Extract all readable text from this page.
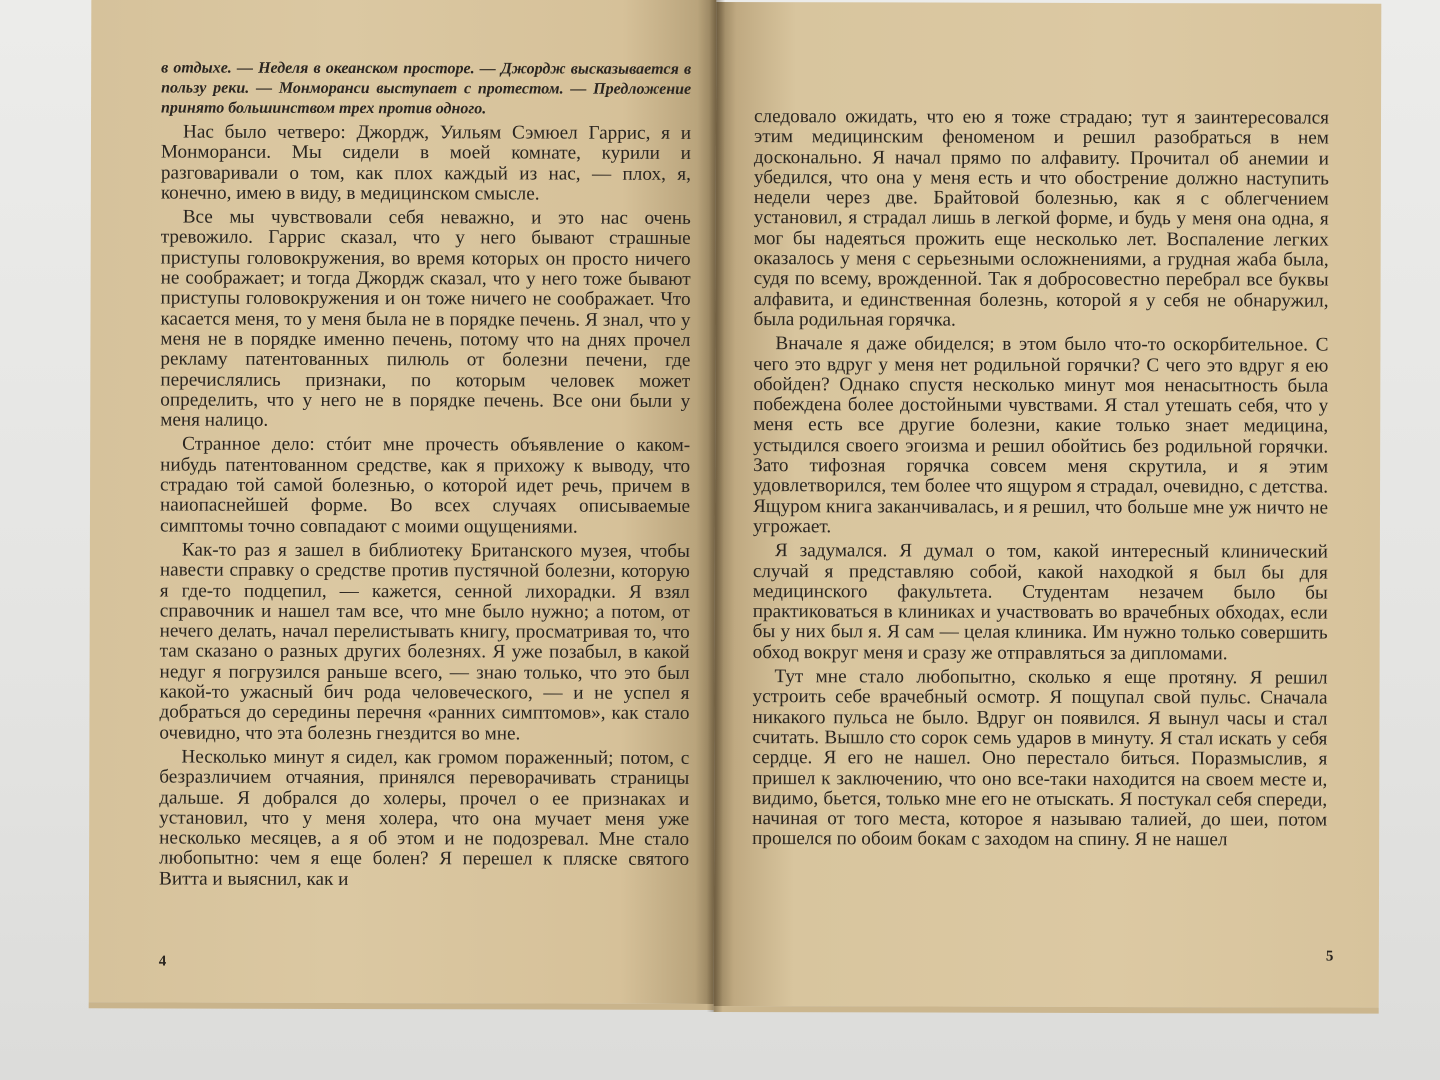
в отдыхе. — Неделя в океанском просторе. — Джордж высказывается в пользу реки. — Монморанси выступает с протестом. — Предложение принято большинством трех против одного.

Нас было четверо: Джордж, Уильям Сэмюел Гаррис, я и Монморанси. Мы сидели в моей комнате, курили и разговаривали о том, как плох каждый из нас, — плох, я, конечно, имею в виду, в медицинском смысле.

Все мы чувствовали себя неважно, и это нас очень тревожило. Гаррис сказал, что у него бывают страшные приступы головокружения, во время которых он просто ничего не соображает; и тогда Джордж сказал, что у него тоже бывают приступы головокружения и он тоже ничего не соображает. Что касается меня, то у меня была не в порядке печень. Я знал, что у меня не в порядке именно печень, потому что на днях прочел рекламу патентованных пилюль от болезни печени, где перечислялись признаки, по которым человек может определить, что у него не в порядке печень. Все они были у меня налицо.

Странное дело: стóит мне прочесть объявление о каком-нибудь патентованном средстве, как я прихожу к выводу, что страдаю той самой болезнью, о которой идет речь, причем в наиопаснейшей форме. Во всех случаях описываемые симптомы точно совпадают с моими ощущениями.

Как-то раз я зашел в библиотеку Британского музея, чтобы навести справку о средстве против пустячной болезни, которую я где-то подцепил, — кажется, сенной лихорадки. Я взял справочник и нашел там все, что мне было нужно; а потом, от нечего делать, начал перелистывать книгу, просматривая то, что там сказано о разных других болезнях. Я уже позабыл, в какой недуг я погрузился раньше всего, — знаю только, что это был какой-то ужасный бич рода человеческого, — и не успел я добраться до середины перечня «ранних симптомов», как стало очевидно, что эта болезнь гнездится во мне.

Несколько минут я сидел, как громом пораженный; потом, с безразличием отчаяния, принялся переворачивать страницы дальше. Я добрался до холеры, прочел о ее признаках и установил, что у меня холера, что она мучает меня уже несколько месяцев, а я об этом и не подозревал. Мне стало любопытно: чем я еще болен? Я перешел к пляске святого Витта и выяснил, как и

4

следовало ожидать, что ею я тоже страдаю; тут я заинтересовался этим медицинским феноменом и решил разобраться в нем досконально. Я начал прямо по алфавиту. Прочитал об анемии и убедился, что она у меня есть и что обострение должно наступить недели через две. Брайтовой болезнью, как я с облегчением установил, я страдал лишь в легкой форме, и будь у меня она одна, я мог бы надеяться прожить еще несколько лет. Воспаление легких оказалось у меня с серьезными осложнениями, а грудная жаба была, судя по всему, врожденной. Так я добросовестно перебрал все буквы алфавита, и единственная болезнь, которой я у себя не обнаружил, была родильная горячка.

Вначале я даже обиделся; в этом было что-то оскорбительное. С чего это вдруг у меня нет родильной горячки? С чего это вдруг я ею обойден? Однако спустя несколько минут моя ненасытность была побеждена более достойными чувствами. Я стал утешать себя, что у меня есть все другие болезни, какие только знает медицина, устыдился своего эгоизма и решил обойтись без родильной горячки. Зато тифозная горячка совсем меня скрутила, и я этим удовлетворился, тем более что ящуром я страдал, очевидно, с детства. Ящуром книга заканчивалась, и я решил, что больше мне уж ничто не угрожает.

Я задумался. Я думал о том, какой интересный клинический случай я представляю собой, какой находкой я был бы для медицинского факультета. Студентам незачем было бы практиковаться в клиниках и участвовать во врачебных обходах, если бы у них был я. Я сам — целая клиника. Им нужно только совершить обход вокруг меня и сразу же отправляться за дипломами.

Тут мне стало любопытно, сколько я еще протяну. Я решил устроить себе врачебный осмотр. Я пощупал свой пульс. Сначала никакого пульса не было. Вдруг он появился. Я вынул часы и стал считать. Вышло сто сорок семь ударов в минуту. Я стал искать у себя сердце. Я его не нашел. Оно перестало биться. Поразмыслив, я пришел к заключению, что оно все-таки находится на своем месте и, видимо, бьется, только мне его не отыскать. Я постукал себя спереди, начиная от того места, которое я называю талией, до шеи, потом прошелся по обоим бокам с заходом на спину. Я не нашел

5
